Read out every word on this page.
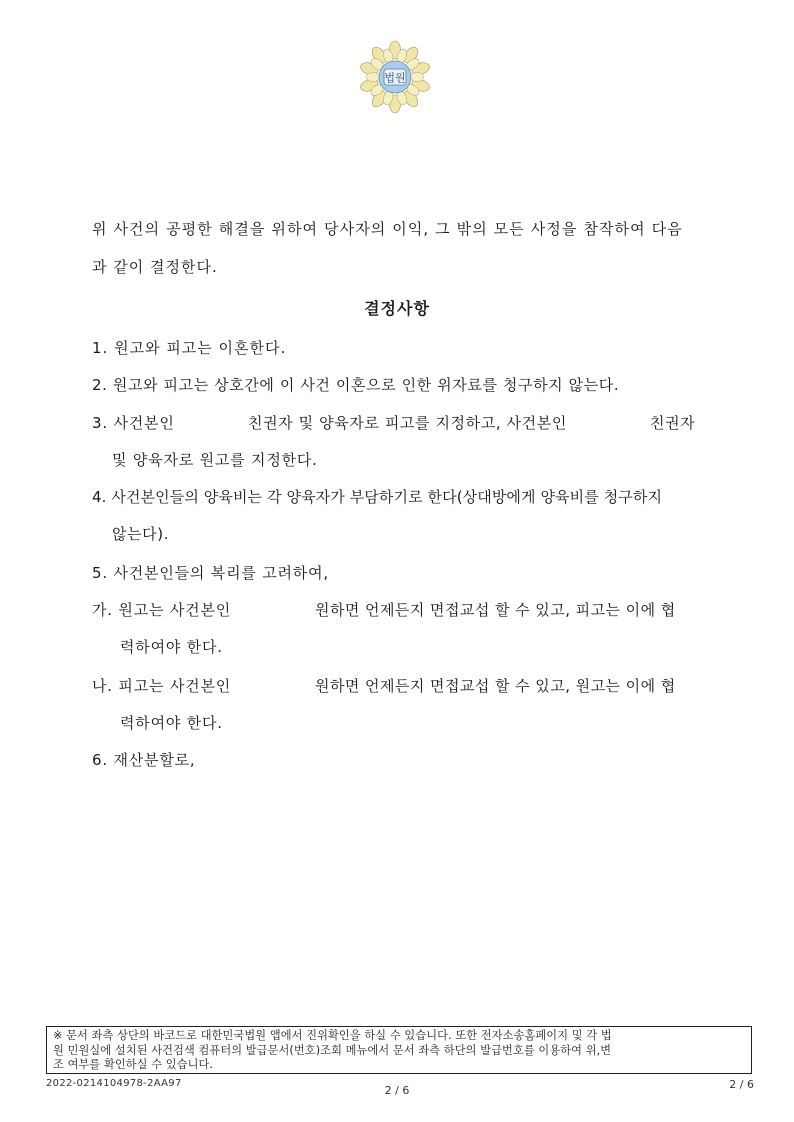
법원
위 사건의 공평한 해결을 위하여 당사자의 이익, 그 밖의 모든 사정을 참작하여 다음
과 같이 결정한다.
결정사항
1. 원고와 피고는 이혼한다.
2. 원고와 피고는 상호간에 이 사건 이혼으로 인한 위자료를 청구하지 않는다.
3. 사건본인	친권자 및 양육자로 피고를 지정하고, 사건본인	친권자
및 양육자로 원고를 지정한다.
4. 사건본인들의 양육비는 각 양육자가 부담하기로 한다(상대방에게 양육비를 청구하지
않는다).
5. 사건본인들의 복리를 고려하여,
가. 원고는 사건본인	원하면 언제든지 면접교섭 할 수 있고, 피고는 이에 협
력하여야 한다.
나. 피고는 사건본인	원하면 언제든지 면접교섭 할 수 있고, 원고는 이에 협
력하여야 한다.
6. 재산분할로,
※ 문서 좌측 상단의 바코드로 대한민국법원 앱에서 진위확인을 하실 수 있습니다. 또한 전자소송홈페이지 및 각 법
원 민원실에 설치된 사건검색 컴퓨터의 발급문서(번호)조회 메뉴에서 문서 좌측 하단의 발급번호를 이용하여 위,변
조 여부를 확인하실 수 있습니다.
2022-0214104978-2AA97
2 / 6	2 / 6
